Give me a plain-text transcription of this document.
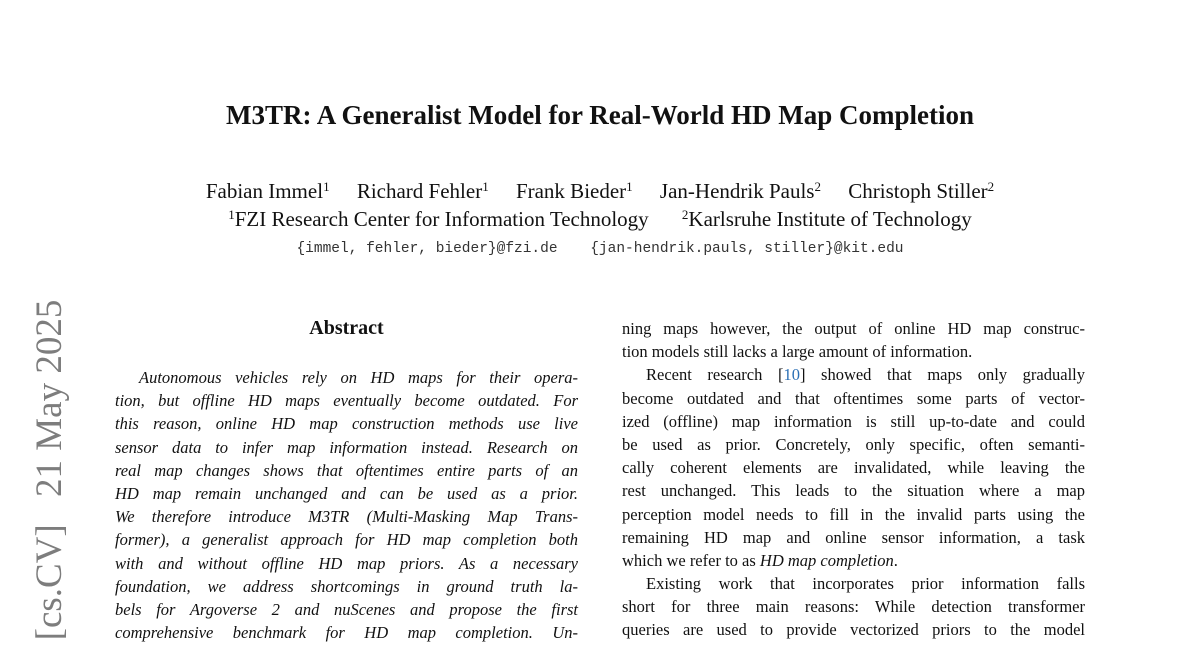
M3TR: A Generalist Model for Real-World HD Map Completion
Fabian Immel$^1$ Richard Fehler$^1$ Frank Bieder$^1$ Jan-Hendrik Pauls$^2$ Christoph Stiller$^2$
$^1$FZI Research Center for Information Technology	$^2$Karlsruhe Institute of Technology
{immel, fehler, bieder}@fzi.de {jan-hendrik.pauls, stiller}@kit.edu
[cs.CV] 21 May 2025	Abstract
Autonomous vehicles rely on HD maps for their opera-
tion, but offline HD maps eventually become outdated. For
this reason, online HD map construction methods use live
sensor data to infer map information instead. Research on
real map changes shows that oftentimes entire parts of an
HD map remain unchanged and can be used as a prior.
We therefore introduce M3TR (Multi-Masking Map Trans-
former), a generalist approach for HD map completion both
with and without offline HD map priors. As a necessary
foundation, we address shortcomings in ground truth la-
bels for Argoverse 2 and nuScenes and propose the first
comprehensive benchmark for HD map completion. Un-
ning maps however, the output of online HD map construc-
tion models still lacks a large amount of information.
Recent research [10] showed that maps only gradually
become outdated and that oftentimes some parts of vector-
ized (offline) map information is still up-to-date and could
be used as prior. Concretely, only specific, often semanti-
cally coherent elements are invalidated, while leaving the
rest unchanged. This leads to the situation where a map
perception model needs to fill in the invalid parts using the
remaining HD map and online sensor information, a task
which we refer to as HD map completion.
Existing work that incorporates prior information falls
short for three main reasons: While detection transformer
queries are used to provide vectorized priors to the model
